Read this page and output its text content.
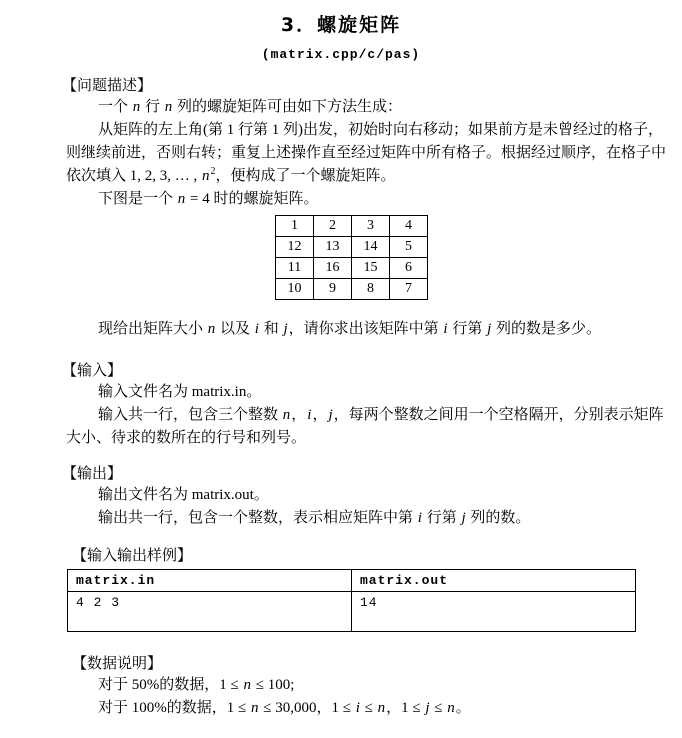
3．螺旋矩阵
(matrix.cpp/c/pas)
【问题描述】
一个 n 行 n 列的螺旋矩阵可由如下方法生成：
从矩阵的左上角(第 1 行第 1 列)出发，初始时向右移动；如果前方是未曾经过的格子，
则继续前进，否则右转；重复上述操作直至经过矩阵中所有格子。根据经过顺序，在格子中
依次填入 1, 2, 3, … , $n^2$，便构成了一个螺旋矩阵。
下图是一个 n = 4 时的螺旋矩阵。
1	2	3	4
12	13	14	5
11	16	15	6
10	9	8	7
现给出矩阵大小 n 以及 i 和 j，请你求出该矩阵中第 i 行第 j 列的数是多少。
【输入】
输入文件名为 matrix.in。
输入共一行，包含三个整数 n，i，j，每两个整数之间用一个空格隔开，分别表示矩阵
大小、待求的数所在的行号和列号。
【输出】
输出文件名为 matrix.out。
输出共一行，包含一个整数，表示相应矩阵中第 i 行第 j 列的数。
【输入输出样例】
matrix.in	matrix.out
4 2 3	14
【数据说明】
对于 50%的数据，1 ≤ n ≤ 100;
对于 100%的数据，1 ≤ n ≤ 30,000，1 ≤ i ≤ n，1 ≤ j ≤ n。
